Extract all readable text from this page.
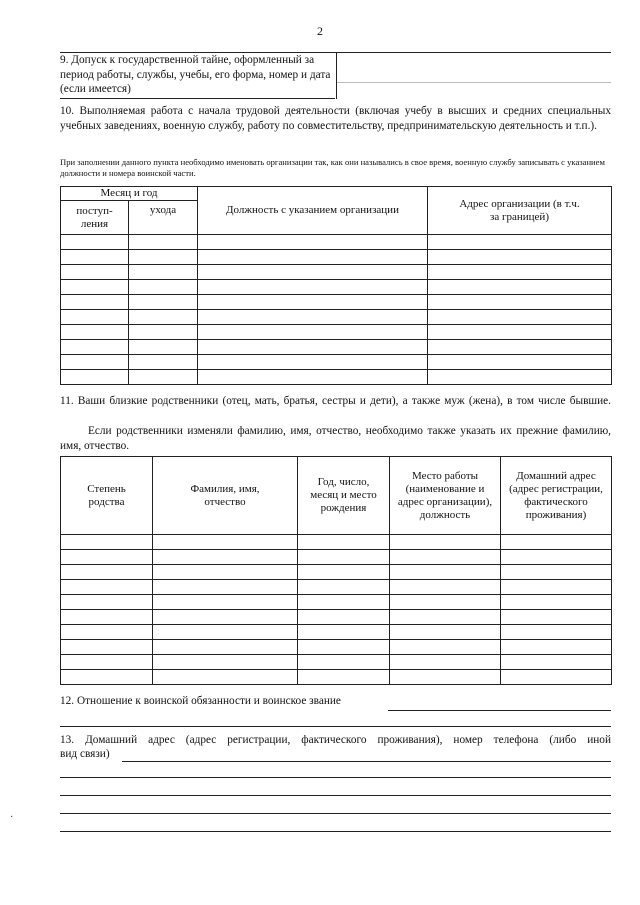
2
9. Допуск к государственной тайне, оформленный за период работы, службы, учебы, его форма, номер и дата (если имеется)
10. Выполняемая работа с начала трудовой деятельности (включая учебу в высших и средних специальных учебных заведениях, военную службу, работу по совместительству, предпринимательскую деятельность и т.п.).
При заполнении данного пункта необходимо именовать организации так, как они назывались в свое время, военную службу записывать с указанием должности и номера воинской части.
Месяц и год		Должность с указанием организации	Адрес организации (в т.ч. за границей)
поступ-ления	ухода		

11. Ваши близкие родственники (отец, мать, братья, сестры и дети), а также муж (жена), в том числе бывшие.
Если родственники изменяли фамилию, имя, отчество, необходимо также указать их прежние фамилию, имя, отчество.
Степень родства	Фамилия, имя, отчество	Год, число, месяц и место рождения	Место работы (наименование и адрес организации), должность	Домашний адрес (адрес регистрации, фактического проживания)

12. Отношение к воинской обязанности и воинское звание
13. Домашний адрес (адрес регистрации, фактического проживания), номер телефона (либо иной
вид связи)
·
